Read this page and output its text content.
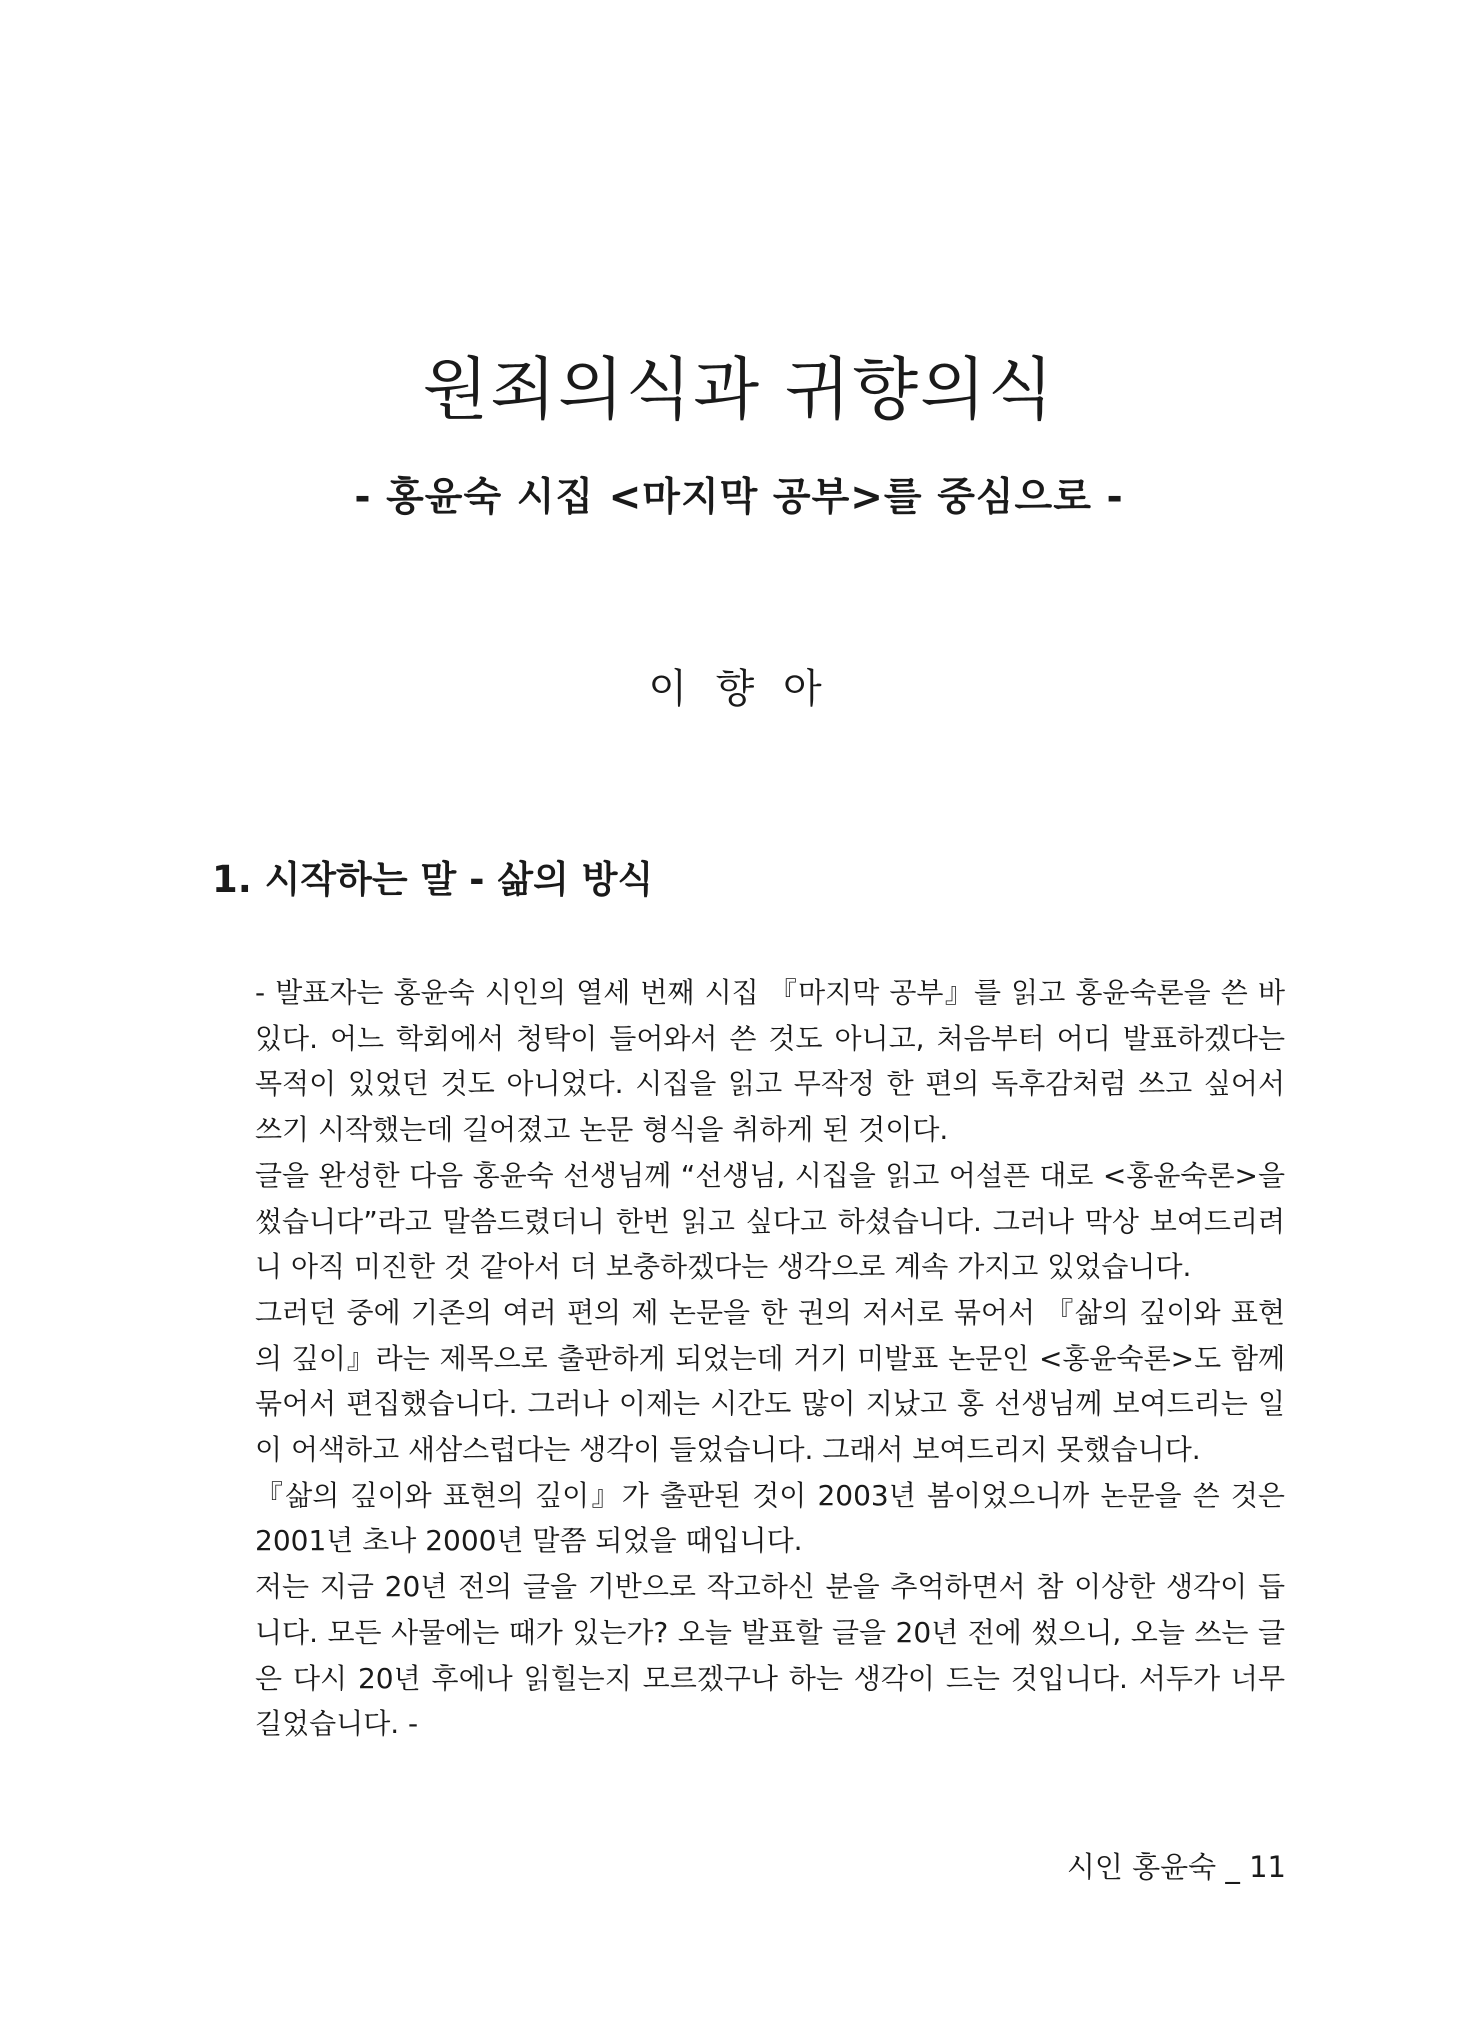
원죄의식과 귀향의식
- 홍윤숙 시집 <마지막 공부>를 중심으로 -
이 향 아
1. 시작하는 말 - 삶의 방식

- 발표자는 홍윤숙 시인의 열세 번째 시집 『마지막 공부』를 읽고 홍윤숙론을 쓴 바 있다. 어느 학회에서 청탁이 들어와서 쓴 것도 아니고, 처음부터 어디 발표하겠다는 목적이 있었던 것도 아니었다. 시집을 읽고 무작정 한 편의 독후감처럼 쓰고 싶어서 쓰기 시작했는데 길어졌고 논문 형식을 취하게 된 것이다.

글을 완성한 다음 홍윤숙 선생님께 “선생님, 시집을 읽고 어설픈 대로 <홍윤숙론>을 썼습니다”라고 말씀드렸더니 한번 읽고 싶다고 하셨습니다. 그러나 막상 보여드리려니 아직 미진한 것 같아서 더 보충하겠다는 생각으로 계속 가지고 있었습니다.

그러던 중에 기존의 여러 편의 제 논문을 한 권의 저서로 묶어서 『삶의 깊이와 표현의 깊이』라는 제목으로 출판하게 되었는데 거기 미발표 논문인 <홍윤숙론>도 함께 묶어서 편집했습니다. 그러나 이제는 시간도 많이 지났고 홍 선생님께 보여드리는 일이 어색하고 새삼스럽다는 생각이 들었습니다. 그래서 보여드리지 못했습니다.

『삶의 깊이와 표현의 깊이』가 출판된 것이 2003년 봄이었으니까 논문을 쓴 것은 2001년 초나 2000년 말쯤 되었을 때입니다.

저는 지금 20년 전의 글을 기반으로 작고하신 분을 추억하면서 참 이상한 생각이 듭니다. 모든 사물에는 때가 있는가? 오늘 발표할 글을 20년 전에 썼으니, 오늘 쓰는 글은 다시 20년 후에나 읽힐는지 모르겠구나 하는 생각이 드는 것입니다. 서두가 너무 길었습니다. -

시인 홍윤숙 _ 11
